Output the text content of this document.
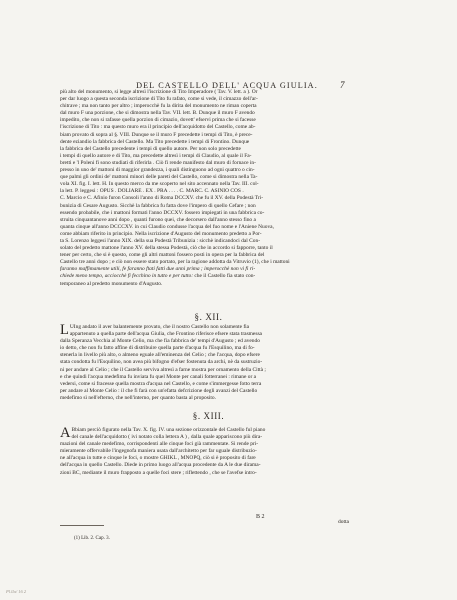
DEL CASTELLO DELL' ACQUA GIULIA.	7
più alto del monumento, si legge altresì l'iscrizione di Tito Imperadore ( Tav. V. lett. a ). Or
per dar luogo a questa seconda iscrizione di Tito fu rafato, come si vede, il cimazzo dell'ar-
chitrave ; ma non tanto per altro ; imperocchè fu la dirita del monumento ne riman coperta
dal muro F una porzione, che si dimostra nella Tav. VII. lett. B. Dunque il muro F avendo
impedito, che non si rafasse quella porzion di cimazio, dovett' efservi prima che si facesse
l'iscrizione di Tito : ma questo muro era il principio dell'acquidotto del Castello, come ab-
biam provato di sopra al §. VIII. Dunque se il muro F precedette i tempi di Tito, è prece-
dente eziandio la fabbrica del Castello. Ma Tito precedette i tempi di Frontino. Dunque
la fabbrica del Castello precedente i tempi di quello autore. Per non solo precedette
i tempi di quello autore e di Tito, ma precedette altresì i tempi di Claudio, al quale il Fa-
bretti e 'l Poleni fi sono studiati di riferirla . Ciò fi rende manifesto dal muro di fornace in-
presso in uno de' mattoni di maggior grandezza, i quali distinguono ad ogni quattro o cin-
que palmi gli ordini de' mattoni minori delle pareti del Castello, come si dimostra nella Ta-
vola XI. fig. I. lett. H. In questo merco da me scoperto nel sito accennato nella Tav. III. col-
la lett. P. leggesi : OPUS . DOLIARE . EX . PRA . . . . C. MARC. C. ASINIO COS .
C. Marcio e C. Afinio furon Consoli l'anno di Roma DCCXV. che fu il XV. della Podestà Tri-
bunizia di Cesare Augusto. Sicchè la fabbrica fu fatta dove l'impero di quello Cefare ; non
essendo probabile, che i mattoni formati l'anno DCCXV. fossero impiegati in una fabbrica co-
struita cinquantanove anni dopo , quanti furono quei, che decorsero dall'anno stesso fino a
quanta cinque all'anno DCCCXV. in cui Claudio condusse l'acqua del fuo nome e l'Aniene Nuova,
come abbiam riferito in principio. Nella iscrizione d'Augusto del monumento predetto a Por-
ta S. Lorenzo leggesi l'anno XIX. della sua Podestà Tribunizia : sicchè indicandoci dal Con-
solato del predetto mattone l'anno XV. della stessa Podestà, ciò che in accordo si fapporre, tanto il
tener per certo, che si è questo, come gli altri mattoni fossero posti in opera per la fabbrica del
Castello tre anni dopo ; e ciò non essere stato portato, per la ragione addotta da Vitruvio (1), che i mattoni
faranno maffimamente utili, fe faranno ftati fatti due anni prima ; imperocchè non vi fi ri-
chiede meno tempo, acciocchè fi fecchino in tutto e per tutto: che il Castello fia stato con-
temporaneo al predetto monumento d'Augusto.
§. XII.
L UIng andato il aver balantemente provato, che il nostro Castello non solamente fia
appartenuto a quella parte dell'acqua Giulia, che Frontino riferisce efsere stata trasmessa
dalla Speranza Vecchia al Monte Celio, ma che fia fabbrica de' tempi d'Augusto ; ed avendo
io detto, che non fu fatto affine di distribuire quella parte d'acqua fu l'Esquilino, ma di fo-
stenerla in livello più alto, o almeno eguale all'eminenza del Celio ; che l'acqua, dopo efsere
stata condotta fu l'Esquilino, non avea più bifogno d'efser fostenuta da archi, nè da sustruzio-
ni per andare al Celio ; che il Castello serviva altresì a farne mostra per ornamento della Città ;
e che quindi l'acqua medefima fu inviata fu quel Monte per canali fotterranei : rimane or a
vedersi, come si fracesse quella mostra d'acqua nel Castello, e come s'immergesse fotto terra
per andare al Monte Celio : il che fi farà con un'efatta defcrizione degli avanzi del Castello
medefimo sì nell'efterno, che nell'interno, per quanto basta al proposito.
§. XIII.
A Bbiam perciò figurato nella Tav. X. fig. IV. una sezione orizzontale del Castello ful piano
del canale dell'acquidotto ( ivi notato colla lettera A ) , dalla quale appariscono più dira-
mazioni del canale medefimo, corrispondenti alle cinque foci già rammentate. Si rende pri-
mieramente offervabile l'ingegnofa maniera usata dall'architetto per far uguale distribuzio-
ne all'acqua in tutte e cinque le foci, o mostre GHIKL , MNOPQ, ciò si è proposito di fare
dell'acqua in quello Castello. Diede in primo luogo all'acqua procedente da A le due dirama-
zioni BC, mediante il muro frapposto a quelle foci stere ; riflettendo , che se l'avefse intro-
B 2
dotta
(1) Lib. 2. Cap. 3.
Pl.lla/ 16 2
